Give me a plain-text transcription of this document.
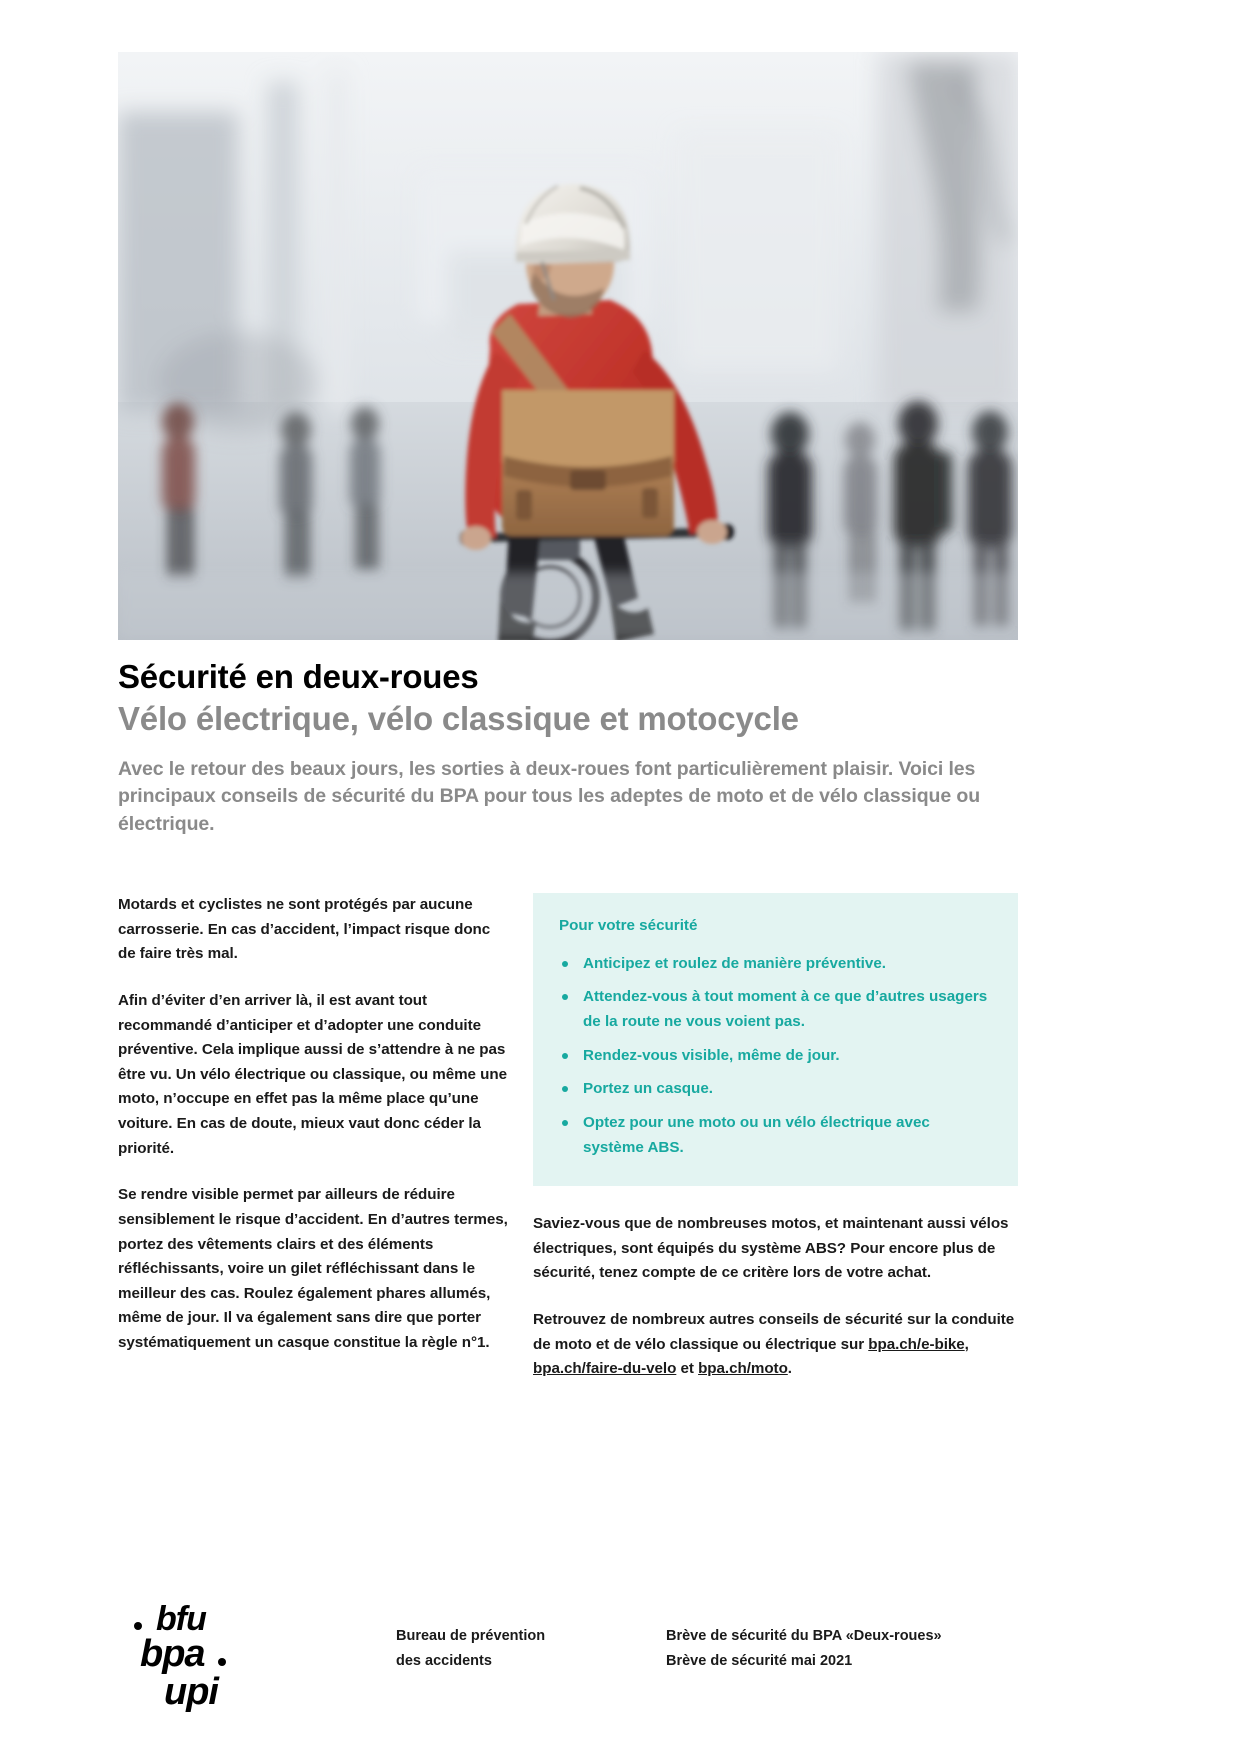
Sécurité en deux-roues
Vélo électrique, vélo classique et motocycle

Avec le retour des beaux jours, les sorties à deux-roues font particulièrement plaisir. Voici les principaux conseils de sécurité du BPA pour tous les adeptes de moto et de vélo classique ou électrique.

Motards et cyclistes ne sont protégés par aucune carrosserie. En cas d’accident, l’impact risque donc de faire très mal.

Afin d’éviter d’en arriver là, il est avant tout recommandé d’anticiper et d’adopter une conduite préventive. Cela implique aussi de s’attendre à ne pas être vu. Un vélo électrique ou classique, ou même une moto, n’occupe en effet pas la même place qu’une voiture. En cas de doute, mieux vaut donc céder la priorité.

Se rendre visible permet par ailleurs de réduire sensiblement le risque d’accident. En d’autres termes, portez des vêtements clairs et des éléments réfléchissants, voire un gilet réfléchissant dans le meilleur des cas. Roulez également phares allumés, même de jour. Il va également sans dire que porter systématiquement un casque constitue la règle n°1.

Pour votre sécurité
Anticipez et roulez de manière préventive.
Attendez-vous à tout moment à ce que d’autres usagers de la route ne vous voient pas.
Rendez-vous visible, même de jour.
Portez un casque.
Optez pour une moto ou un vélo électrique avec système ABS.

Saviez-vous que de nombreuses motos, et maintenant aussi vélos électriques, sont équipés du système ABS? Pour encore plus de sécurité, tenez compte de ce critère lors de votre achat.

Retrouvez de nombreux autres conseils de sécurité sur la conduite de moto et de vélo classique ou électrique sur bpa.ch/e-bike, bpa.ch/faire-du-velo et bpa.ch/moto.

bfu
bpa
upi
Bureau de prévention
des accidents
Brève de sécurité du BPA «Deux-roues»
Brève de sécurité mai 2021
